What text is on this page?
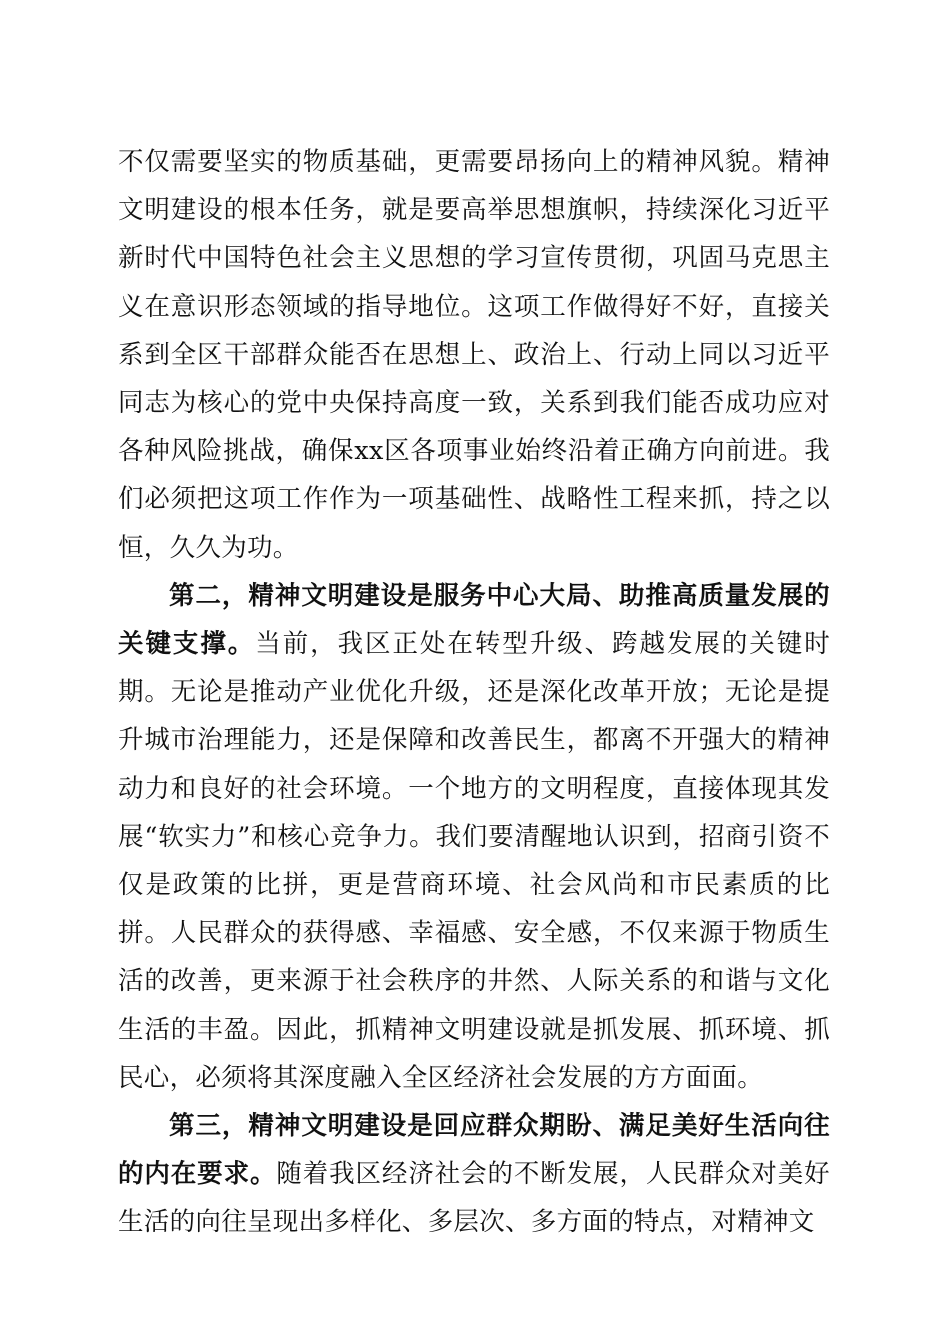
不仅需要坚实的物质基础，更需要昂扬向上的精神风貌。精神文明建设的根本任务，就是要高举思想旗帜，持续深化习近平新时代中国特色社会主义思想的学习宣传贯彻，巩固马克思主义在意识形态领域的指导地位。这项工作做得好不好，直接关系到全区干部群众能否在思想上、政治上、行动上同以习近平同志为核心的党中央保持高度一致，关系到我们能否成功应对各种风险挑战，确保xx区各项事业始终沿着正确方向前进。我们必须把这项工作作为一项基础性、战略性工程来抓，持之以恒，久久为功。

第二，精神文明建设是服务中心大局、助推高质量发展的关键支撑。当前，我区正处在转型升级、跨越发展的关键时期。无论是推动产业优化升级，还是深化改革开放；无论是提升城市治理能力，还是保障和改善民生，都离不开强大的精神动力和良好的社会环境。一个地方的文明程度，直接体现其发展“软实力”和核心竞争力。我们要清醒地认识到，招商引资不仅是政策的比拼，更是营商环境、社会风尚和市民素质的比拼。人民群众的获得感、幸福感、安全感，不仅来源于物质生活的改善，更来源于社会秩序的井然、人际关系的和谐与文化生活的丰盈。因此，抓精神文明建设就是抓发展、抓环境、抓民心，必须将其深度融入全区经济社会发展的方方面面。

第三，精神文明建设是回应群众期盼、满足美好生活向往的内在要求。随着我区经济社会的不断发展，人民群众对美好生活的向往呈现出多样化、多层次、多方面的特点，对精神文
